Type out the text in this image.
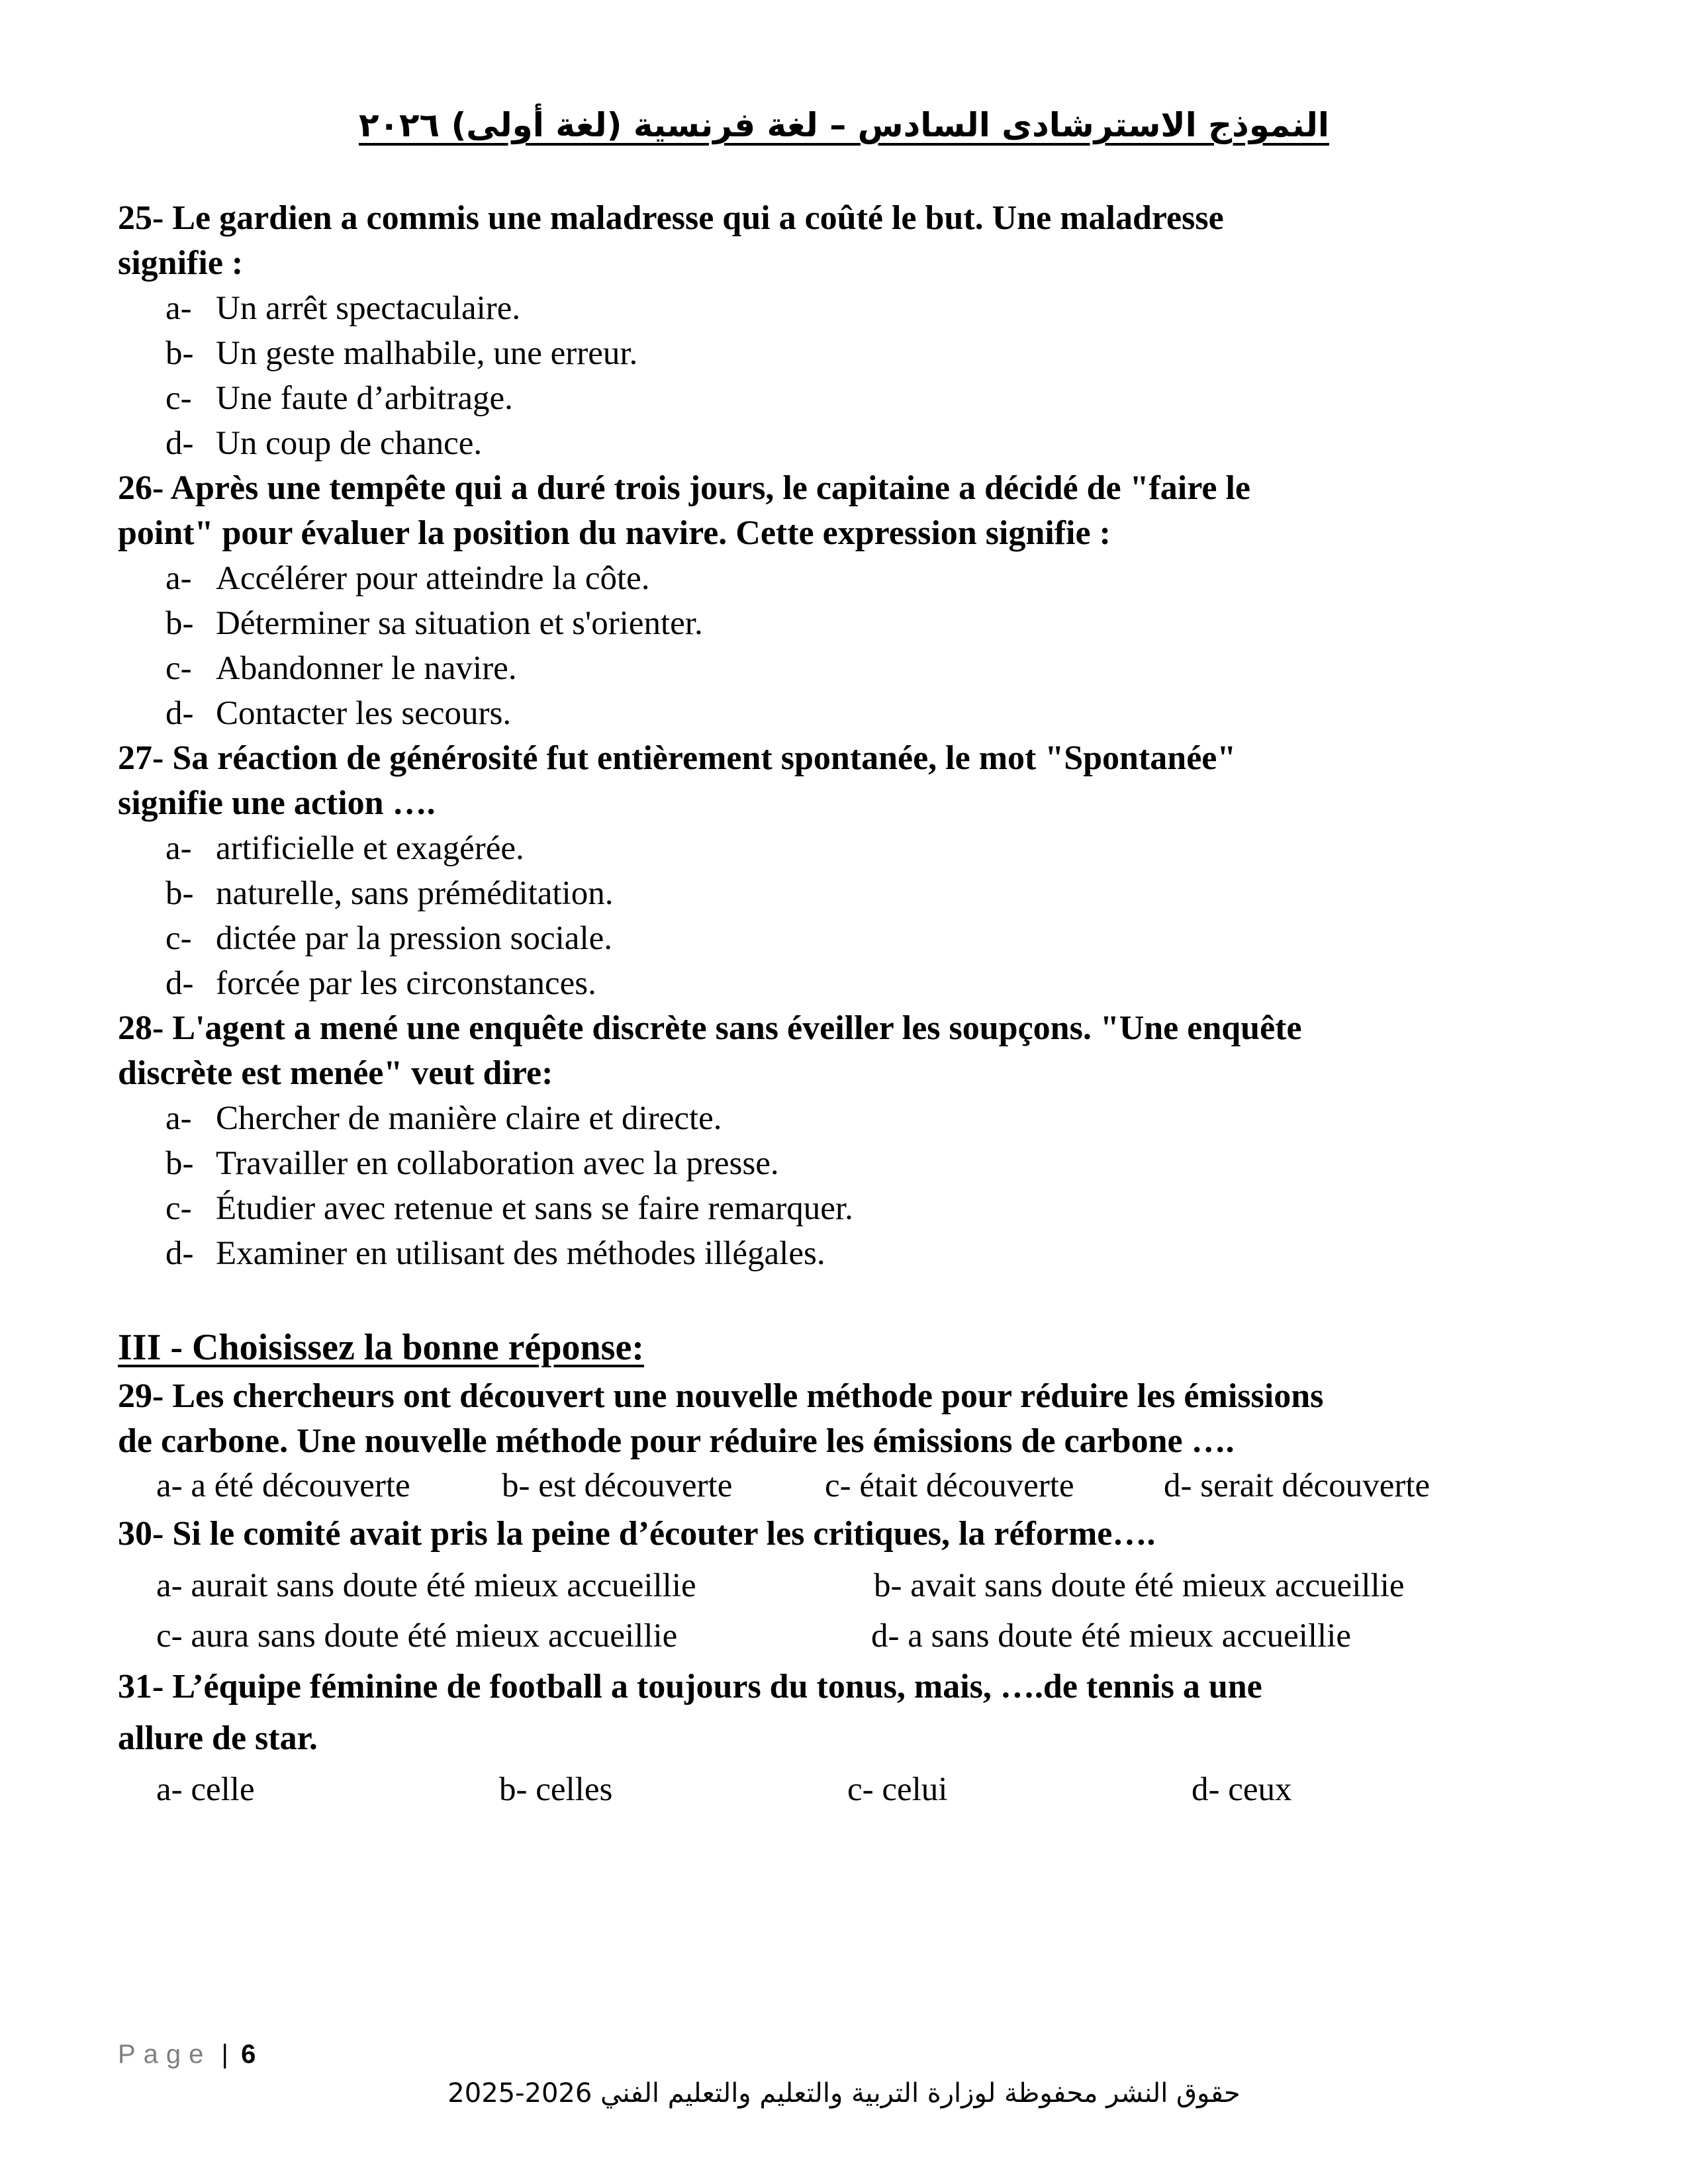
النموذج الاسترشادى السادس – لغة فرنسية (لغة أولى) ٢٠٢٦

25- Le gardien a commis une maladresse qui a coûté le but. Une maladresse
signifie :

a- Un arrêt spectaculaire.
b- Un geste malhabile, une erreur.
c- Une faute d’arbitrage.
d- Un coup de chance.

26- Après une tempête qui a duré trois jours, le capitaine a décidé de "faire le
point" pour évaluer la position du navire. Cette expression signifie :

a- Accélérer pour atteindre la côte.
b- Déterminer sa situation et s'orienter.
c- Abandonner le navire.
d- Contacter les secours.

27- Sa réaction de générosité fut entièrement spontanée, le mot "Spontanée"
signifie une action ….

a- artificielle et exagérée.
b- naturelle, sans préméditation.
c- dictée par la pression sociale.
d- forcée par les circonstances.

28- L'agent a mené une enquête discrète sans éveiller les soupçons. "Une enquête
discrète est menée" veut dire:

a- Chercher de manière claire et directe.
b- Travailler en collaboration avec la presse.
c- Étudier avec retenue et sans se faire remarquer.
d- Examiner en utilisant des méthodes illégales.
III - Choisissez la bonne réponse:

29- Les chercheurs ont découvert une nouvelle méthode pour réduire les émissions
de carbone. Une nouvelle méthode pour réduire les émissions de carbone ….

a- a été découverte	b- est découverte	c- était découverte	d- serait découverte

30- Si le comité avait pris la peine d’écouter les critiques, la réforme….

a- aurait sans doute été mieux accueillie	b- avait sans doute été mieux accueillie
c- aura sans doute été mieux accueillie	d- a sans doute été mieux accueillie

31- L’équipe féminine de football a toujours du tonus, mais, ….de tennis a une
allure de star.

a- celle	b- celles	c- celui	d- ceux
Page | 6
حقوق النشر محفوظة لوزارة التربية والتعليم والتعليم الفني 2026-2025
